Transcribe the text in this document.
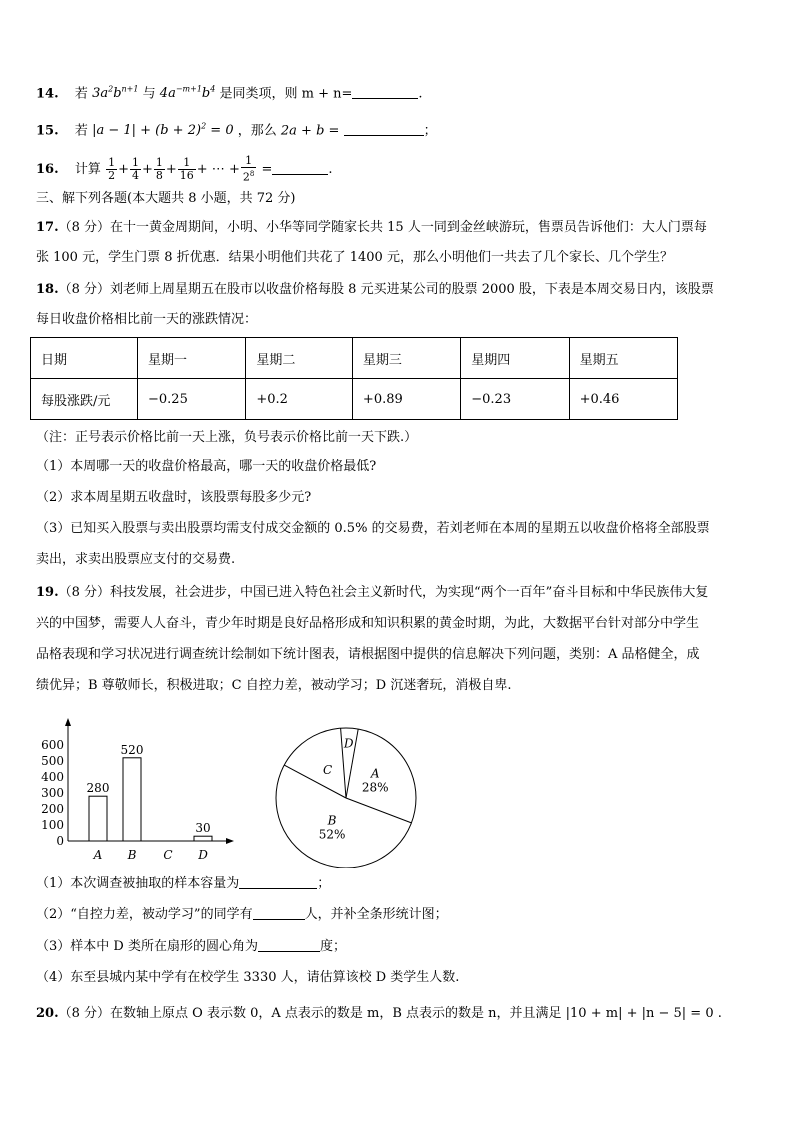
14. 若 $3a^2b^{n+1}$ 与 $4a^{-m+1}b^4$ 是同类项，则 m + n=	.
15. 若 $|a - 1| + (b + 2)^2 = 0$ ，那么 2a + b =	；
16. 计算 $\frac{1}{2} + \frac{1}{4} + \frac{1}{8} + \frac{1}{16}$ + ⋯ + $\frac{1}{2^8}$ =	.
三、解下列各题(本大题共 8 小题，共 72 分)
17.（8 分）在十一黄金周期间，小明、小华等同学随家长共 15 人一同到金丝峡游玩，售票员告诉他们：大人门票每
张 100 元，学生门票 8 折优惠．结果小明他们共花了 1400 元，那么小明他们一共去了几个家长、几个学生？
18.（8 分）刘老师上周星期五在股市以收盘价格每股 8 元买进某公司的股票 2000 股，下表是本周交易日内，该股票
每日收盘价格相比前一天的涨跌情况：
日期	星期一	星期二	星期三	星期四	星期五
每股涨跌/元	−0.25	+0.2	+0.89	−0.23	+0.46
（注：正号表示价格比前一天上涨，负号表示价格比前一天下跌.）
（1）本周哪一天的收盘价格最高，哪一天的收盘价格最低?
（2）求本周星期五收盘时，该股票每股多少元?
（3）已知买入股票与卖出股票均需支付成交金额的 0.5% 的交易费，若刘老师在本周的星期五以收盘价格将全部股票
卖出，求卖出股票应支付的交易费.
19.（8 分）科技发展，社会进步，中国已进入特色社会主义新时代，为实现“两个一百年”奋斗目标和中华民族伟大复
兴的中国梦，需要人人奋斗，青少年时期是良好品格形成和知识积累的黄金时期，为此，大数据平台针对部分中学生
品格表现和学习状况进行调查统计绘制如下统计图表，请根据图中提供的信息解决下列问题，类别：A 品格健全，成
绩优异；B 尊敬师长，积极进取；C 自控力差，被动学习；D 沉迷奢玩，消极自卑.
0
100
200
300
400
500
600
A
280
B
520
C D
30
A
28%
B
52%
C
D
（1）本次调查被抽取的样本容量为	；
（2）“自控力差，被动学习”的同学有	人，并补全条形统计图；
（3）样本中 D 类所在扇形的圆心角为	度；
（4）东至县城内某中学有在校学生 3330 人，请估算该校 D 类学生人数.
20.（8 分）在数轴上原点 O 表示数 0，A 点表示的数是 m，B 点表示的数是 n，并且满足 |10 + m| + |n − 5| = 0 .
